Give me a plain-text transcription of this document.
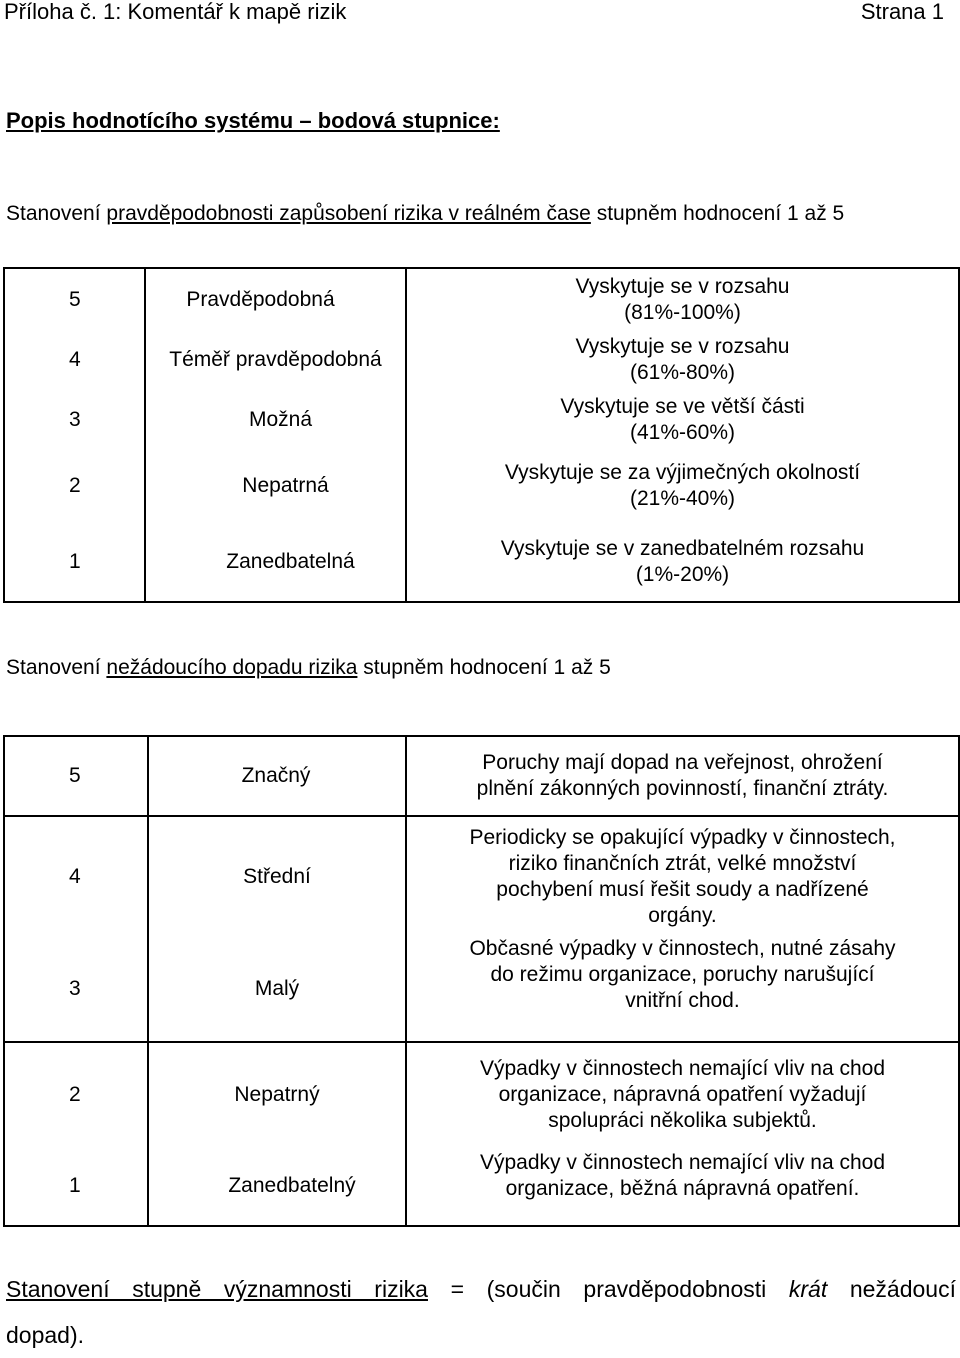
Příloha č. 1: Komentář k mapě rizik	Strana 1
Popis hodnotícího systému – bodová stupnice:
Stanovení pravděpodobnosti zapůsobení rizika v reálném čase stupněm hodnocení 1 až 5
5	Pravděpodobná	Vyskytuje se v rozsahu
(81%-100%)
4	Téměř pravděpodobná	Vyskytuje se v rozsahu
(61%-80%)
3	Možná	Vyskytuje se ve větší části
(41%-60%)
2	Nepatrná	Vyskytuje se za výjimečných okolností
(21%-40%)
1	Zanedbatelná	Vyskytuje se v zanedbatelném rozsahu
(1%-20%)
Stanovení nežádoucího dopadu rizika stupněm hodnocení 1 až 5
5	Značný	Poruchy mají dopad na veřejnost, ohrožení
plnění zákonných povinností, finanční ztráty.
4	Střední	Periodicky se opakující výpadky v činnostech,
riziko finančních ztrát, velké množství
pochybení musí řešit soudy a nadřízené
orgány.
3	Malý	Občasné výpadky v činnostech, nutné zásahy
do režimu organizace, poruchy narušující
vnitřní chod.
2	Nepatrný	Výpadky v činnostech nemající vliv na chod
organizace, nápravná opatření vyžadují
spolupráci několika subjektů.
1	Zanedbatelný	Výpadky v činnostech nemající vliv na chod
organizace, běžná nápravná opatření.
Stanovení stupně významnosti rizika = (součin pravděpodobnosti krát nežádoucí
dopad).
